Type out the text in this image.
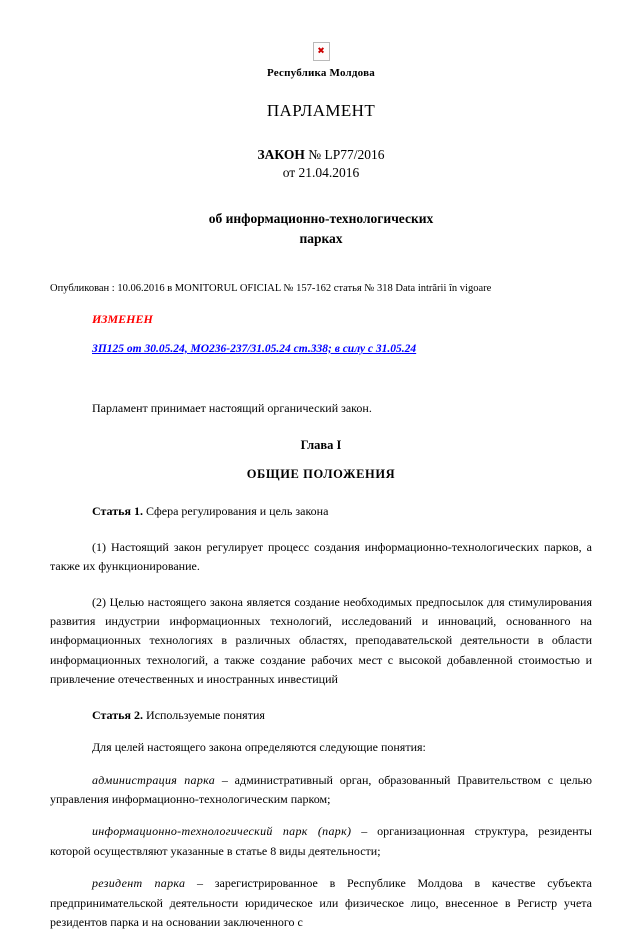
✖
Республика Молдова
ПАРЛАМЕНТ
ЗАКОН № LP77/2016
от 21.04.2016
об информационно-технологических
парках
Опубликован : 10.06.2016 в MONITORUL OFICIAL № 157-162 статья № 318 Data intrării în vigoare
ИЗМЕНЕН
ЗП125 от 30.05.24, МО236-237/31.05.24 ст.338; в силу с 31.05.24
Парламент принимает настоящий органический закон.
Глава I
ОБЩИЕ ПОЛОЖЕНИЯ
Статья 1. Сфера регулирования и цель закона
(1) Настоящий закон регулирует процесс создания информационно-технологических парков, а также их функционирование.
(2) Целью настоящего закона является создание необходимых предпосылок для стимулирования развития индустрии информационных технологий, исследований и инноваций, основанного на информационных технологиях в различных областях, преподавательской деятельности в области информационных технологий, а также создание рабочих мест с высокой добавленной стоимостью и привлечение отечественных и иностранных инвестиций
Статья 2. Используемые понятия
Для целей настоящего закона определяются следующие понятия:
администрация парка – административный орган, образованный Правительством с целью управления информационно-технологическим парком;
информационно-технологический парк (парк) – организационная структура, резиденты которой осуществляют указанные в статье 8 виды деятельности;
резидент парка – зарегистрированное в Республике Молдова в качестве субъекта предпринимательской деятельности юридическое или физическое лицо, внесенное в Регистр учета резидентов парка и на основании заключенного с
